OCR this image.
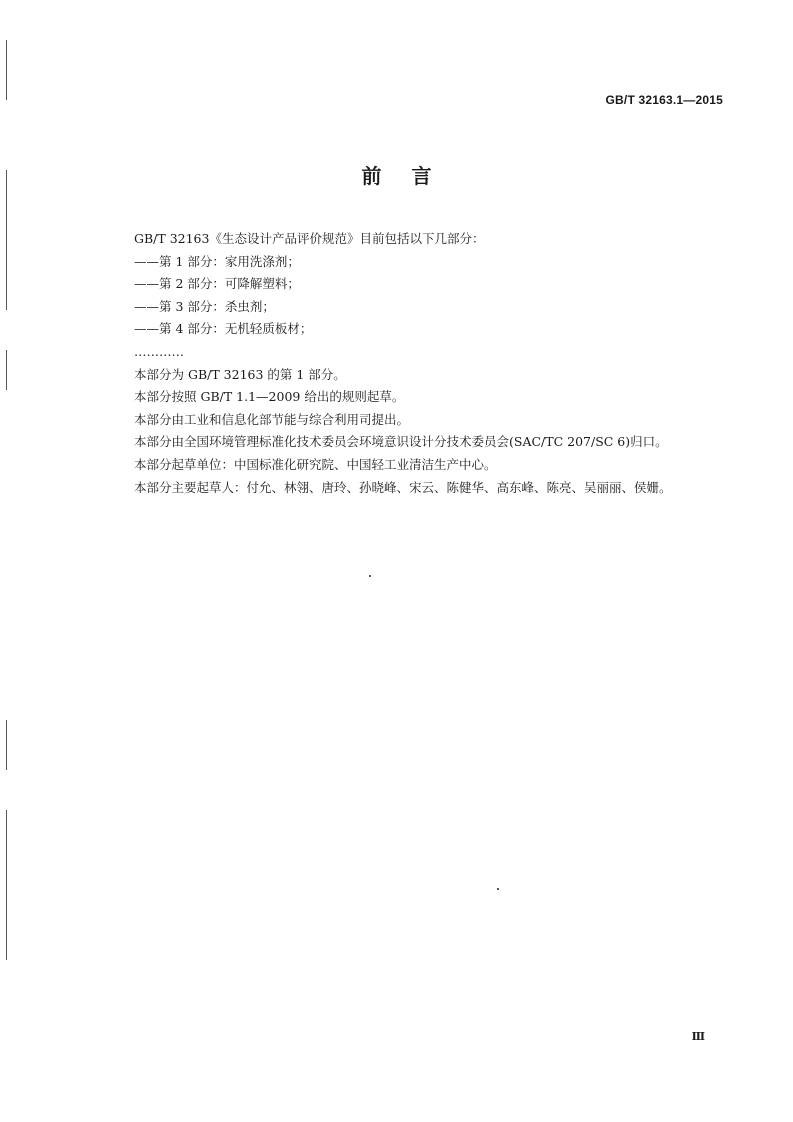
GB/T 32163.1—2015
前言

GB/T 32163《生态设计产品评价规范》目前包括以下几部分：

——第 1 部分：家用洗涤剂；

——第 2 部分：可降解塑料；

——第 3 部分：杀虫剂；

——第 4 部分：无机轻质板材；

…………

本部分为 GB/T 32163 的第 1 部分。

本部分按照 GB/T 1.1—2009 给出的规则起草。

本部分由工业和信息化部节能与综合利用司提出。

本部分由全国环境管理标准化技术委员会环境意识设计分技术委员会(SAC/TC 207/SC 6)归口。

本部分起草单位：中国标准化研究院、中国轻工业清洁生产中心。

本部分主要起草人：付允、林翎、唐玲、孙晓峰、宋云、陈健华、高东峰、陈亮、吴丽丽、侯姗。

Ⅲ
